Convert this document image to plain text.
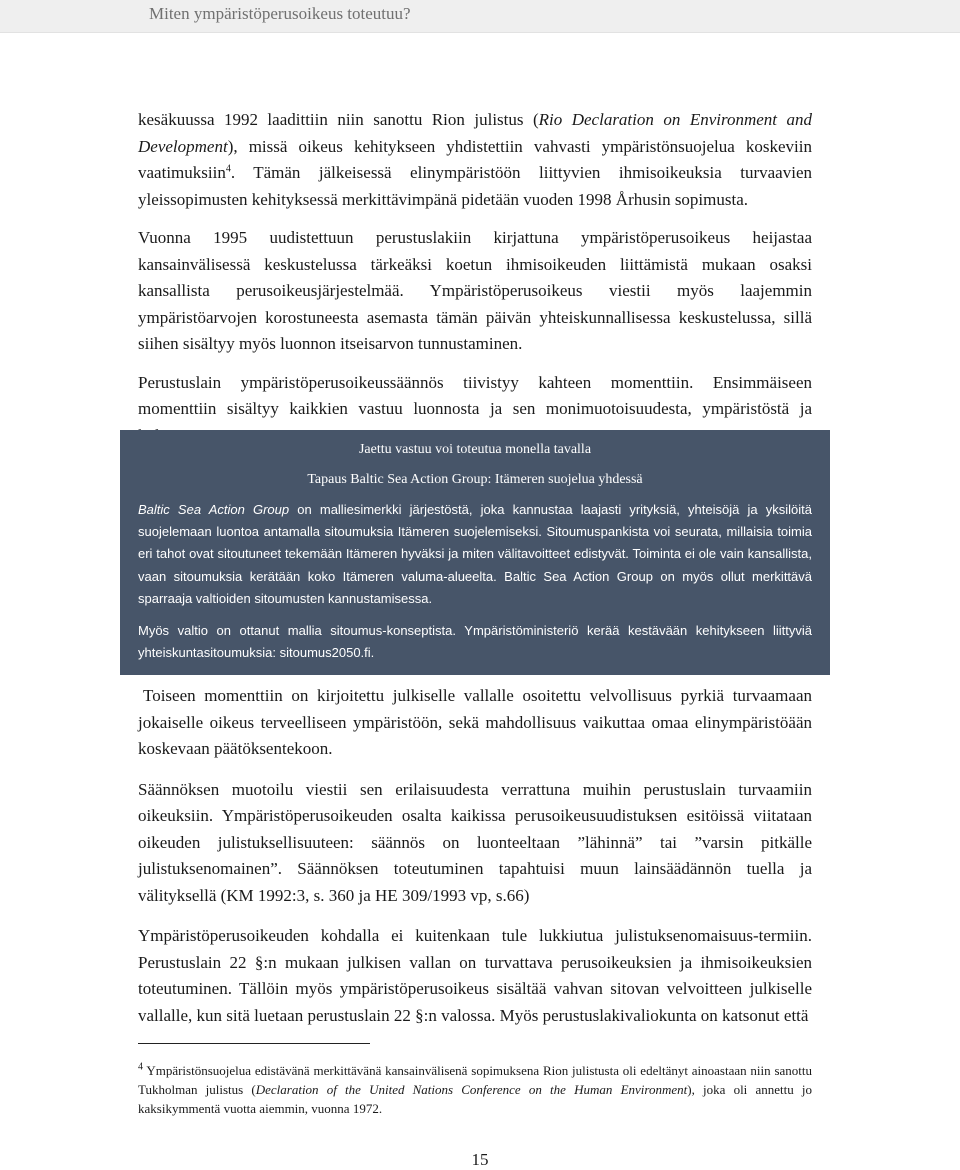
Miten ympäristöperusoikeus toteutuu?

kesäkuussa 1992 laadittiin niin sanottu Rion julistus (Rio Declaration on Environment and Development), missä oikeus kehitykseen yhdistettiin vahvasti ympäristönsuojelua koskeviin vaatimuksiin$^4$. Tämän jälkeisessä elinympäristöön liittyvien ihmisoikeuksia turvaavien yleissopimusten kehityksessä merkittävimpänä pidetään vuoden 1998 Århusin sopimusta.

Vuonna 1995 uudistettuun perustuslakiin kirjattuna ympäristöperusoikeus heijastaa kansainvälisessä keskustelussa tärkeäksi koetun ihmisoikeuden liittämistä mukaan osaksi kansallista perusoikeusjärjestelmää. Ympäristöperusoikeus viestii myös laajemmin ympäristöarvojen korostuneesta asemasta tämän päivän yhteiskunnallisessa keskustelussa, sillä siihen sisältyy myös luonnon itseisarvon tunnustaminen.

Perustuslain ympäristöperusoikeussäännös tiivistyy kahteen momenttiin. Ensimmäiseen momenttiin sisältyy kaikkien vastuu luonnosta ja sen monimuotoisuudesta, ympäristöstä ja

Jaettu vastuu voi toteutua monella tavalla

Tapaus Baltic Sea Action Group: Itämeren suojelua yhdessä

Baltic Sea Action Group on malliesimerkki järjestöstä, joka kannustaa laajasti yrityksiä, yhteisöjä ja yksilöitä suojelemaan luontoa antamalla sitoumuksia Itämeren suojelemiseksi. Sitoumuspankista voi seurata, millaisia toimia eri tahot ovat sitoutuneet tekemään Itämeren hyväksi ja miten välitavoitteet edistyvät. Toiminta ei ole vain kansallista, vaan sitoumuksia kerätään koko Itämeren valuma-alueelta. Baltic Sea Action Group on myös ollut merkittävä sparraaja valtioiden sitoumusten kannustamisessa.

Myös valtio on ottanut mallia sitoumus-konseptista. Ympäristöministeriö kerää kestävään kehitykseen liittyviä yhteiskuntasitoumuksia: sitoumus2050.fi.

Toiseen momenttiin on kirjoitettu julkiselle vallalle osoitettu velvollisuus pyrkiä turvaamaan jokaiselle oikeus terveelliseen ympäristöön, sekä mahdollisuus vaikuttaa omaa elinympäristöään koskevaan päätöksentekoon.

Säännöksen muotoilu viestii sen erilaisuudesta verrattuna muihin perustuslain turvaamiin oikeuksiin. Ympäristöperusoikeuden osalta kaikissa perusoikeusuudistuksen esitöissä viitataan oikeuden julistuksellisuuteen: säännös on luonteeltaan ”lähinnä” tai ”varsin pitkälle julistuksenomainen”. Säännöksen toteutuminen tapahtuisi muun lainsäädännön tuella ja välityksellä (KM 1992:3, s. 360 ja HE 309/1993 vp, s.66)

Ympäristöperusoikeuden kohdalla ei kuitenkaan tule lukkiutua julistuksenomaisuus-termiin. Perustuslain 22 §:n mukaan julkisen vallan on turvattava perusoikeuksien ja ihmisoikeuksien toteutuminen. Tällöin myös ympäristöperusoikeus sisältää vahvan sitovan velvoitteen julkiselle vallalle, kun sitä luetaan perustuslain 22 §:n valossa. Myös perustuslakivaliokunta on katsonut että

$^4$ Ympäristönsuojelua edistävänä merkittävänä kansainvälisenä sopimuksena Rion julistusta oli edeltänyt ainoastaan niin sanottu Tukholman julistus (Declaration of the United Nations Conference on the Human Environment), joka oli annettu jo kaksikymmentä vuotta aiemmin, vuonna 1972.

15
